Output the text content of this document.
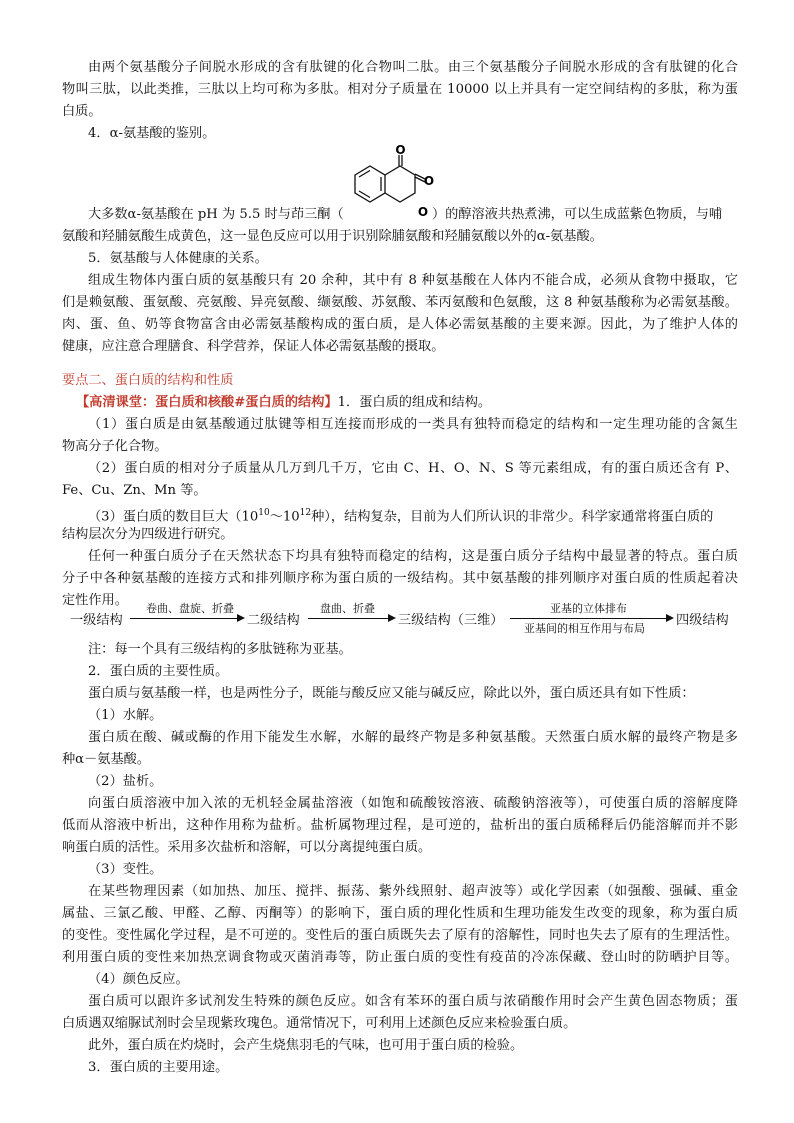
由两个氨基酸分子间脱水形成的含有肽键的化合物叫二肽。由三个氨基酸分子间脱水形成的含有肽键的化合
物叫三肽，以此类推，三肽以上均可称为多肽。相对分子质量在 10000 以上并具有一定空间结构的多肽，称为蛋
白质。
4．α-氨基酸的鉴别。
O
O
O
大多数α-氨基酸在 pH 为 5.5 时与茚三酮（	）的醇溶液共热煮沸，可以生成蓝紫色物质，与哺
氨酸和羟脯氨酸生成黄色，这一显色反应可以用于识别除脯氨酸和羟脯氨酸以外的α-氨基酸。
5．氨基酸与人体健康的关系。
组成生物体内蛋白质的氨基酸只有 20 余种，其中有 8 种氨基酸在人体内不能合成，必须从食物中摄取，它
们是赖氨酸、蛋氨酸、亮氨酸、异亮氨酸、缬氨酸、苏氨酸、苯丙氨酸和色氨酸，这 8 种氨基酸称为必需氨基酸。
肉、蛋、鱼、奶等食物富含由必需氨基酸构成的蛋白质，是人体必需氨基酸的主要来源。因此，为了维护人体的
健康，应注意合理膳食、科学营养，保证人体必需氨基酸的摄取。
要点二、蛋白质的结构和性质
【高清课堂：蛋白质和核酸#蛋白质的结构】1．蛋白质的组成和结构。
（1）蛋白质是由氨基酸通过肽键等相互连接而形成的一类具有独特而稳定的结构和一定生理功能的含氮生
物高分子化合物。
（2）蛋白质的相对分子质量从几万到几千万，它由 C、H、O、N、S 等元素组成，有的蛋白质还含有 P、
Fe、Cu、Zn、Mn 等。
（3）蛋白质的数目巨大（$10^{10}\sim 10^{12}$种），结构复杂，目前为人们所认识的非常少。科学家通常将蛋白质的
结构层次分为四级进行研究。
任何一种蛋白质分子在天然状态下均具有独特而稳定的结构，这是蛋白质分子结构中最显著的特点。蛋白质
分子中各种氨基酸的连接方式和排列顺序称为蛋白质的一级结构。其中氨基酸的排列顺序对蛋白质的性质起着决
定性作用。
一级结构
卷曲、盘旋、折叠
二级结构
盘曲、折叠
三级结构（三维）
亚基的立体排布
亚基间的相互作用与布局
四级结构
注：每一个具有三级结构的多肽链称为亚基。
2．蛋白质的主要性质。
蛋白质与氨基酸一样，也是两性分子，既能与酸反应又能与碱反应，除此以外，蛋白质还具有如下性质：
（1）水解。
蛋白质在酸、碱或酶的作用下能发生水解，水解的最终产物是多种氨基酸。天然蛋白质水解的最终产物是多
种α－氨基酸。
（2）盐析。
向蛋白质溶液中加入浓的无机轻金属盐溶液（如饱和硫酸铵溶液、硫酸钠溶液等），可使蛋白质的溶解度降
低而从溶液中析出，这种作用称为盐析。盐析属物理过程，是可逆的，盐析出的蛋白质稀释后仍能溶解而并不影
响蛋白质的活性。采用多次盐析和溶解，可以分离提纯蛋白质。
（3）变性。
在某些物理因素（如加热、加压、搅拌、振荡、紫外线照射、超声波等）或化学因素（如强酸、强碱、重金
属盐、三氯乙酸、甲醛、乙醇、丙酮等）的影响下，蛋白质的理化性质和生理功能发生改变的现象，称为蛋白质
的变性。变性属化学过程，是不可逆的。变性后的蛋白质既失去了原有的溶解性，同时也失去了原有的生理活性。
利用蛋白质的变性来加热烹调食物或灭菌消毒等，防止蛋白质的变性有疫苗的冷冻保藏、登山时的防晒护目等。
（4）颜色反应。
蛋白质可以跟许多试剂发生特殊的颜色反应。如含有苯环的蛋白质与浓硝酸作用时会产生黄色固态物质；蛋
白质遇双缩脲试剂时会呈现紫玫瑰色。通常情况下，可利用上述颜色反应来检验蛋白质。
此外，蛋白质在灼烧时，会产生烧焦羽毛的气味，也可用于蛋白质的检验。
3．蛋白质的主要用途。
